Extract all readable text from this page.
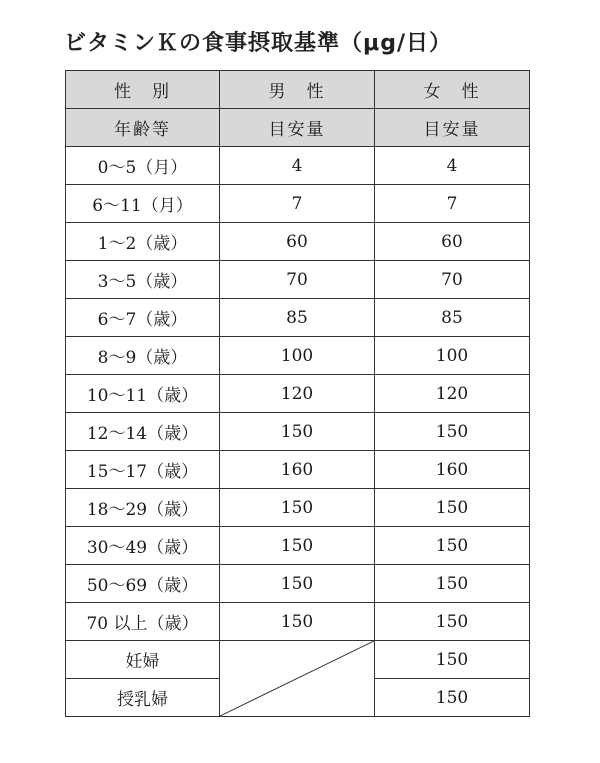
ビタミンＫの食事摂取基準（μg/日）
性　別	男　性	女　性
年齢等	目安量	目安量
0～5（月）	4	4
6～11（月）	7	7
1～2（歳）	60	60
3～5（歳）	70	70
6～7（歳）	85	85
8～9（歳）	100	100
10～11（歳）	120	120
12～14（歳）	150	150
15～17（歳）	160	160
18～29（歳）	150	150
30～49（歳）	150	150
50～69（歳）	150	150
70 以上（歳）	150	150
妊婦		150
授乳婦		150
